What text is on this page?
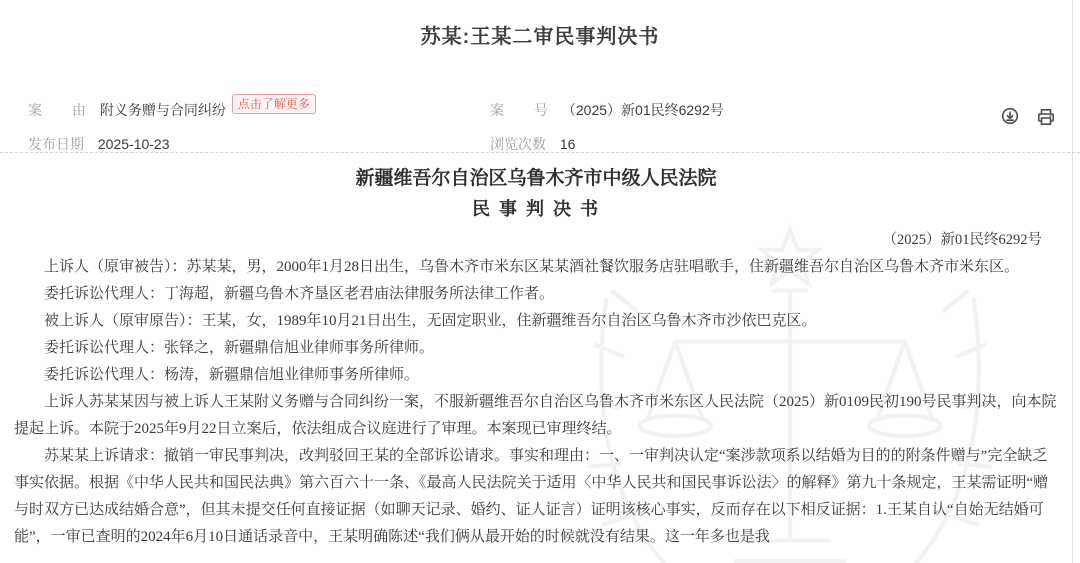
苏某:王某二审民事判决书
案由 附义务赠与合同纠纷 点击了解更多	案号 （2025）新01民终6292号
发布日期 2025-10-23	浏览次数 16

新疆维吾尔自治区乌鲁木齐市中级人民法院
民 事 判 决 书
（2025）新01民终6292号

上诉人（原审被告）：苏某某，男，2000年1月28日出生，乌鲁木齐市米东区某某酒社餐饮服务店驻唱歌手，住新疆维吾尔自治区乌鲁木齐市米东区。

委托诉讼代理人：丁海超，新疆乌鲁木齐垦区老君庙法律服务所法律工作者。

被上诉人（原审原告）：王某，女，1989年10月21日出生，无固定职业，住新疆维吾尔自治区乌鲁木齐市沙依巴克区。

委托诉讼代理人：张铎之，新疆鼎信旭业律师事务所律师。

委托诉讼代理人：杨涛，新疆鼎信旭业律师事务所律师。

上诉人苏某某因与被上诉人王某附义务赠与合同纠纷一案，不服新疆维吾尔自治区乌鲁木齐市米东区人民法院（2025）新0109民初190号民事判决，向本院提起上诉。本院于2025年9月22日立案后，依法组成合议庭进行了审理。本案现已审理终结。

苏某某上诉请求：撤销一审民事判决，改判驳回王某的全部诉讼请求。事实和理由：一、一审判决认定“案涉款项系以结婚为目的的附条件赠与”完全缺乏事实依据。根据《中华人民共和国民法典》第六百六十一条、《最高人民法院关于适用〈中华人民共和国民事诉讼法〉的解释》第九十条规定，王某需证明“赠与时双方已达成结婚合意”，但其未提交任何直接证据（如聊天记录、婚约、证人证言）证明该核心事实，反而存在以下相反证据：1.王某自认“自始无结婚可能”，一审已查明的2024年6月10日通话录音中，王某明确陈述“我们俩从最开始的时候就没有结果。这一年多也是我
